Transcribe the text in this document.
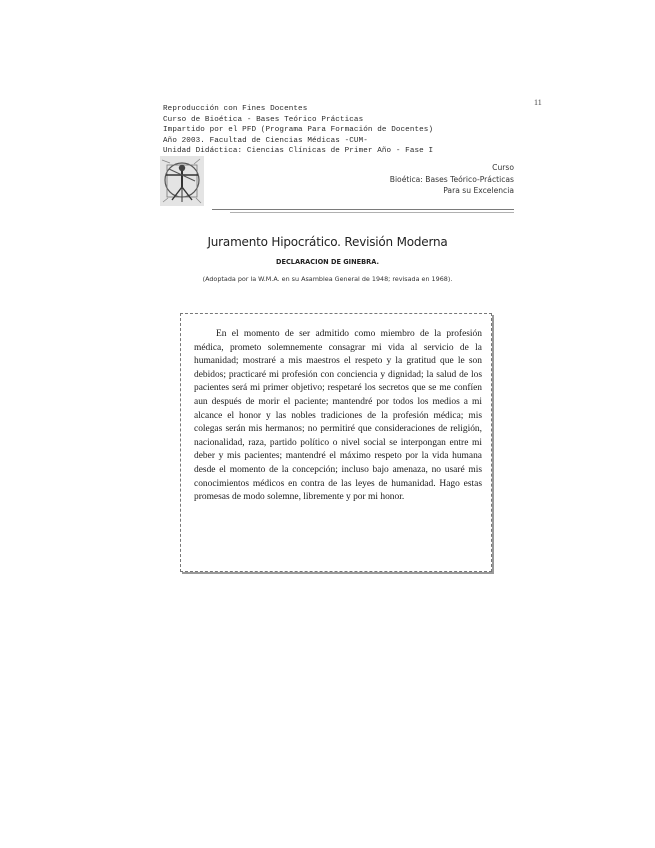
11
Reproducción con Fines Docentes
Curso de Bioética - Bases Teórico Prácticas
Impartido por el PFD (Programa Para Formación de Docentes)
Año 2003. Facultad de Ciencias Médicas -CUM-
Unidad Didáctica: Ciencias Clínicas de Primer Año - Fase I
Curso
Bioética: Bases Teórico-Prácticas
Para su Excelencia
Juramento Hipocrático. Revisión Moderna
DECLARACION DE GINEBRA.
(Adoptada por la W.M.A. en su Asamblea General de 1948; revisada en 1968).

En el momento de ser admitido como miembro de la profesión médica, prometo solemnemente consagrar mi vida al servicio de la humanidad; mostraré a mis maestros el respeto y la gratitud que le son debidos; practicaré mi profesión con conciencia y dignidad; la salud de los pacientes será mi primer objetivo; respetaré los secretos que se me confíen aun después de morir el paciente; mantendré por todos los medios a mi alcance el honor y las nobles tradiciones de la profesión médica; mis colegas serán mis hermanos; no permitiré que consideraciones de religión, nacionalidad, raza, partido político o nivel social se interpongan entre mi deber y mis pacientes; mantendré el máximo respeto por la vida humana desde el momento de la concepción; incluso bajo amenaza, no usaré mis conocimientos médicos en contra de las leyes de humanidad. Hago estas promesas de modo solemne, libremente y por mi honor.
